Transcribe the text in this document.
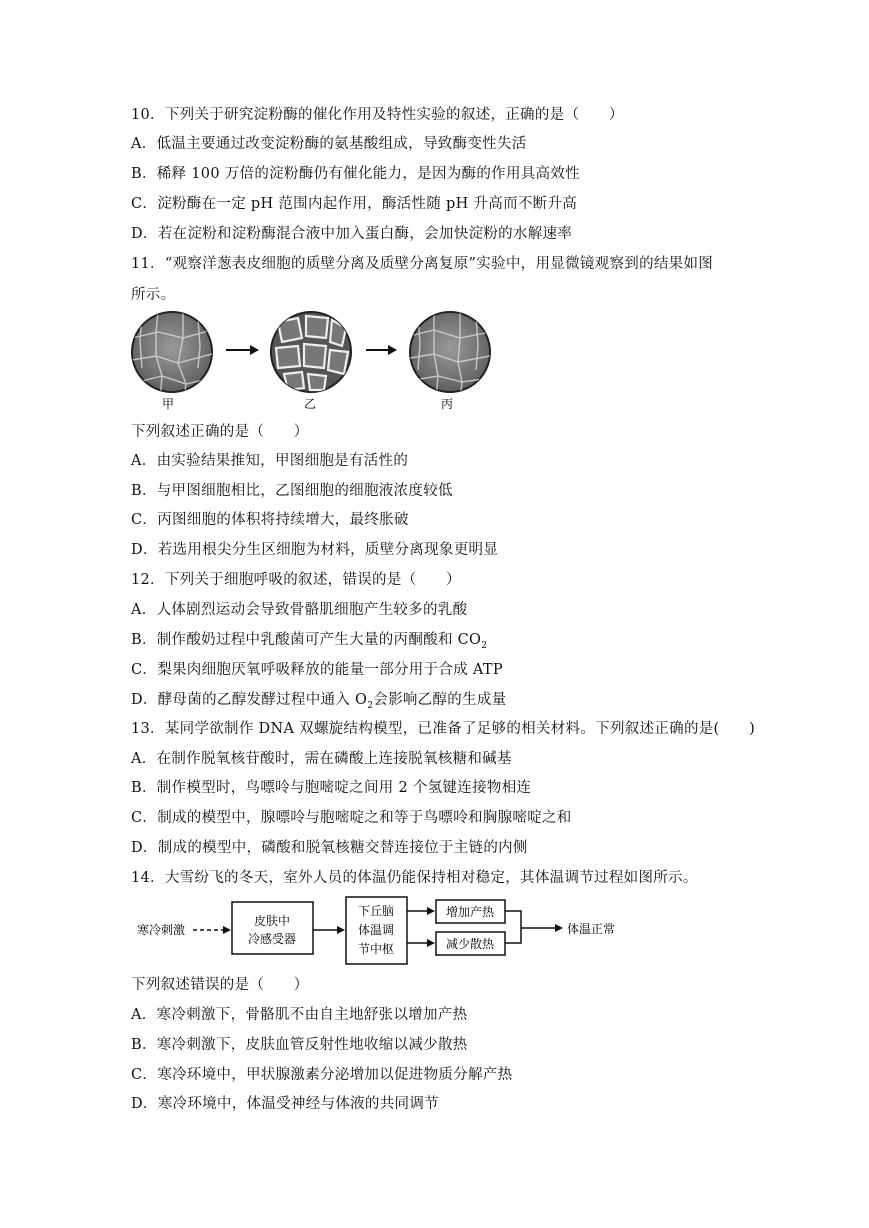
10．下列关于研究淀粉酶的催化作用及特性实验的叙述，正确的是（　　）
A．低温主要通过改变淀粉酶的氨基酸组成，导致酶变性失活
B．稀释 100 万倍的淀粉酶仍有催化能力，是因为酶的作用具高效性
C．淀粉酶在一定 pH 范围内起作用，酶活性随 pH 升高而不断升高
D．若在淀粉和淀粉酶混合液中加入蛋白酶，会加快淀粉的水解速率
11．“观察洋葱表皮细胞的质壁分离及质壁分离复原”实验中，用显微镜观察到的结果如图
所示。
甲	乙	丙
下列叙述正确的是（　　）
A．由实验结果推知，甲图细胞是有活性的
B．与甲图细胞相比，乙图细胞的细胞液浓度较低
C．丙图细胞的体积将持续增大，最终胀破
D．若选用根尖分生区细胞为材料，质壁分离现象更明显
12．下列关于细胞呼吸的叙述，错误的是（　　）
A．人体剧烈运动会导致骨骼肌细胞产生较多的乳酸
B．制作酸奶过程中乳酸菌可产生大量的丙酮酸和 $CO_2$
C．梨果肉细胞厌氧呼吸释放的能量一部分用于合成 ATP
D．酵母菌的乙醇发酵过程中通入 $O_2$会影响乙醇的生成量
13．某同学欲制作 DNA 双螺旋结构模型，已准备了足够的相关材料。下列叙述正确的是(　　)
A．在制作脱氧核苷酸时，需在磷酸上连接脱氧核糖和碱基
B．制作模型时，鸟嘌呤与胞嘧啶之间用 2 个氢键连接物相连
C．制成的模型中，腺嘌呤与胞嘧啶之和等于鸟嘌呤和胸腺嘧啶之和
D．制成的模型中，磷酸和脱氧核糖交替连接位于主链的内侧
14．大雪纷飞的冬天，室外人员的体温仍能保持相对稳定，其体温调节过程如图所示。
寒冷刺激
皮肤中
冷感受器
下丘脑
体温调
节中枢
增加产热
减少散热
体温正常
下列叙述错误的是（　　）
A．寒冷刺激下，骨骼肌不由自主地舒张以增加产热
B．寒冷刺激下，皮肤血管反射性地收缩以减少散热
C．寒冷环境中，甲状腺激素分泌增加以促进物质分解产热
D．寒冷环境中，体温受神经与体液的共同调节
